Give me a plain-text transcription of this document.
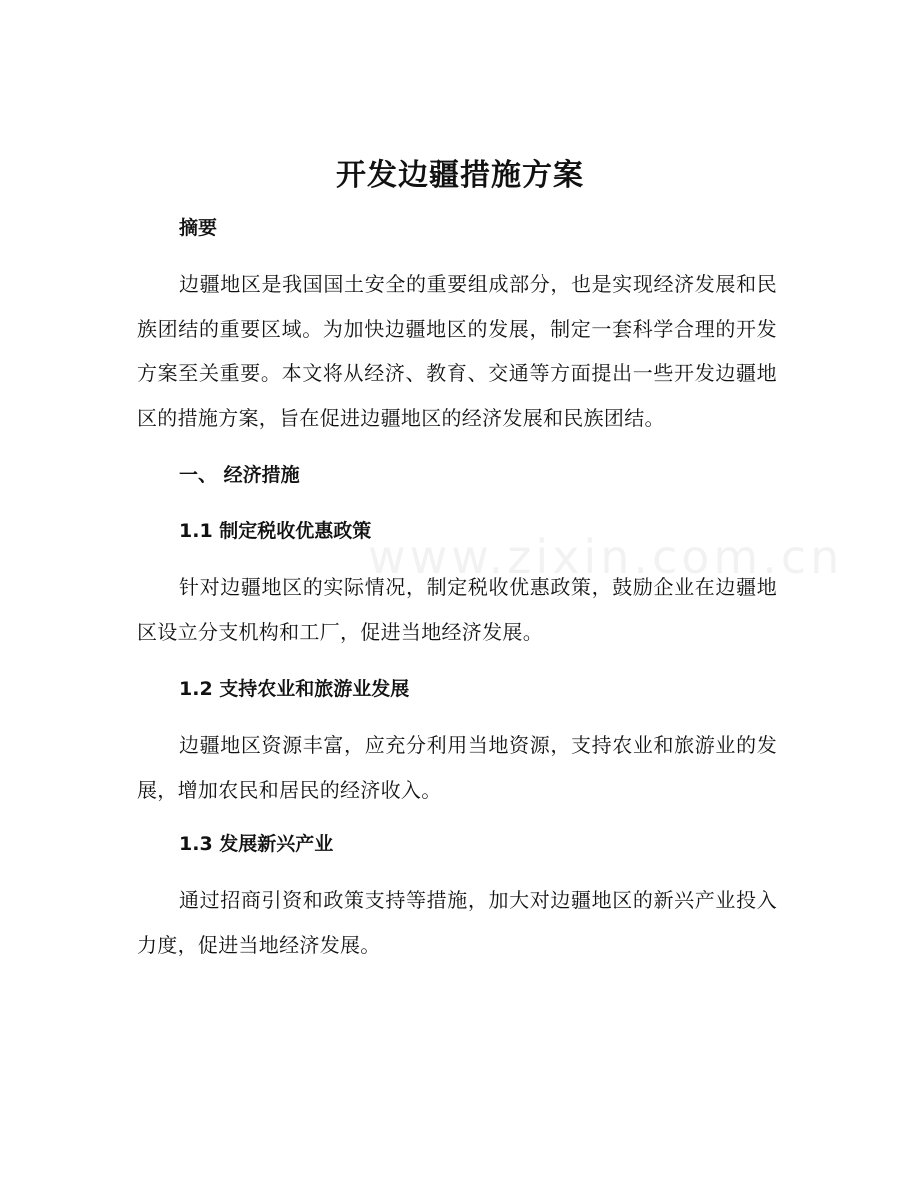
www.zixin.com.cn
开发边疆措施方案
摘要
边疆地区是我国国土安全的重要组成部分，也是实现经济发展和民族团结的重要区域。为加快边疆地区的发展，制定一套科学合理的开发方案至关重要。本文将从经济、教育、交通等方面提出一些开发边疆地区的措施方案，旨在促进边疆地区的经济发展和民族团结。
一、 经济措施
1.1 制定税收优惠政策
针对边疆地区的实际情况，制定税收优惠政策，鼓励企业在边疆地区设立分支机构和工厂，促进当地经济发展。
1.2 支持农业和旅游业发展
边疆地区资源丰富，应充分利用当地资源，支持农业和旅游业的发展，增加农民和居民的经济收入。
1.3 发展新兴产业
通过招商引资和政策支持等措施，加大对边疆地区的新兴产业投入力度，促进当地经济发展。
